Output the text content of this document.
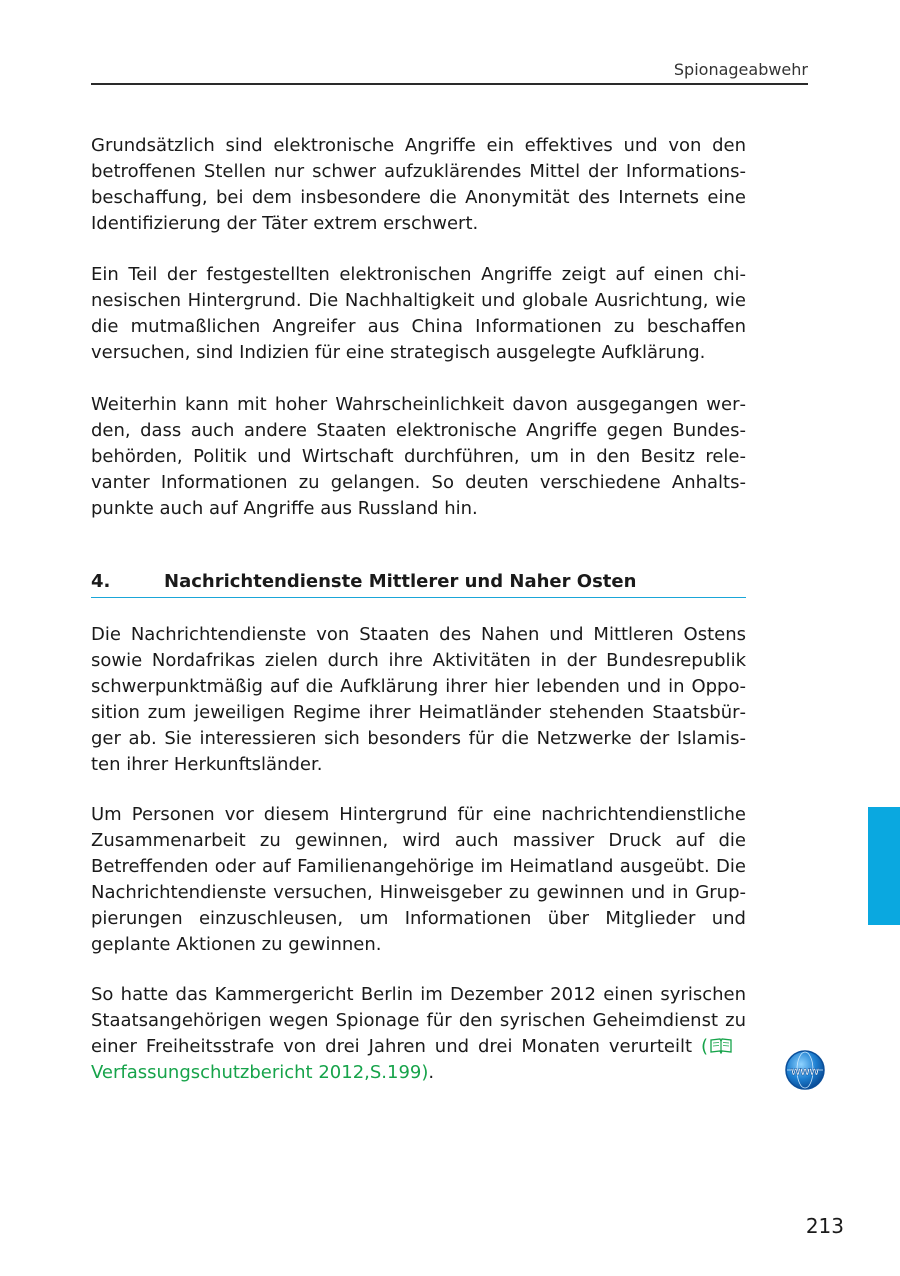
Spionageabwehr

Grundsätzlich sind elektronische Angriffe ein effektives und von den betroffenen Stellen nur schwer aufzuklärendes Mittel der Informationsbeschaffung, bei dem insbesondere die Anonymität des Internets eine Identifizierung der Täter extrem erschwert.

Ein Teil der festgestellten elektronischen Angriffe zeigt auf einen chinesischen Hintergrund. Die Nachhaltigkeit und globale Ausrichtung, wie die mutmaßlichen Angreifer aus China Informationen zu beschaffen versuchen, sind Indizien für eine strategisch ausgelegte Aufklärung.

Weiterhin kann mit hoher Wahrscheinlichkeit davon ausgegangen werden, dass auch andere Staaten elektronische Angriffe gegen Bundesbehörden, Politik und Wirtschaft durchführen, um in den Besitz relevanter Informationen zu gelangen. So deuten verschiedene Anhaltspunkte auch auf Angriffe aus Russland hin.

4.	Nachrichtendienste Mittlerer und Naher Osten

Die Nachrichtendienste von Staaten des Nahen und Mittleren Ostens sowie Nordafrikas zielen durch ihre Aktivitäten in der Bundesrepublik schwerpunktmäßig auf die Aufklärung ihrer hier lebenden und in Opposition zum jeweiligen Regime ihrer Heimatländer stehenden Staatsbürger ab. Sie interessieren sich besonders für die Netzwerke der Islamisten ihrer Herkunftsländer.

Um Personen vor diesem Hintergrund für eine nachrichtendienstliche Zusammenarbeit zu gewinnen, wird auch massiver Druck auf die Betreffenden oder auf Familienangehörige im Heimatland ausgeübt. Die Nachrichtendienste versuchen, Hinweisgeber zu gewinnen und in Gruppierungen einzuschleusen, um Informationen über Mitglieder und geplante Aktionen zu gewinnen.

So hatte das Kammergericht Berlin im Dezember 2012 einen syrischen Staatsangehörigen wegen Spionage für den syrischen Geheimdienst zu einer Freiheitsstrafe von drei Jahren und drei Monaten verurteilt (Verfassungschutzbericht 2012,S.199).	www
213
